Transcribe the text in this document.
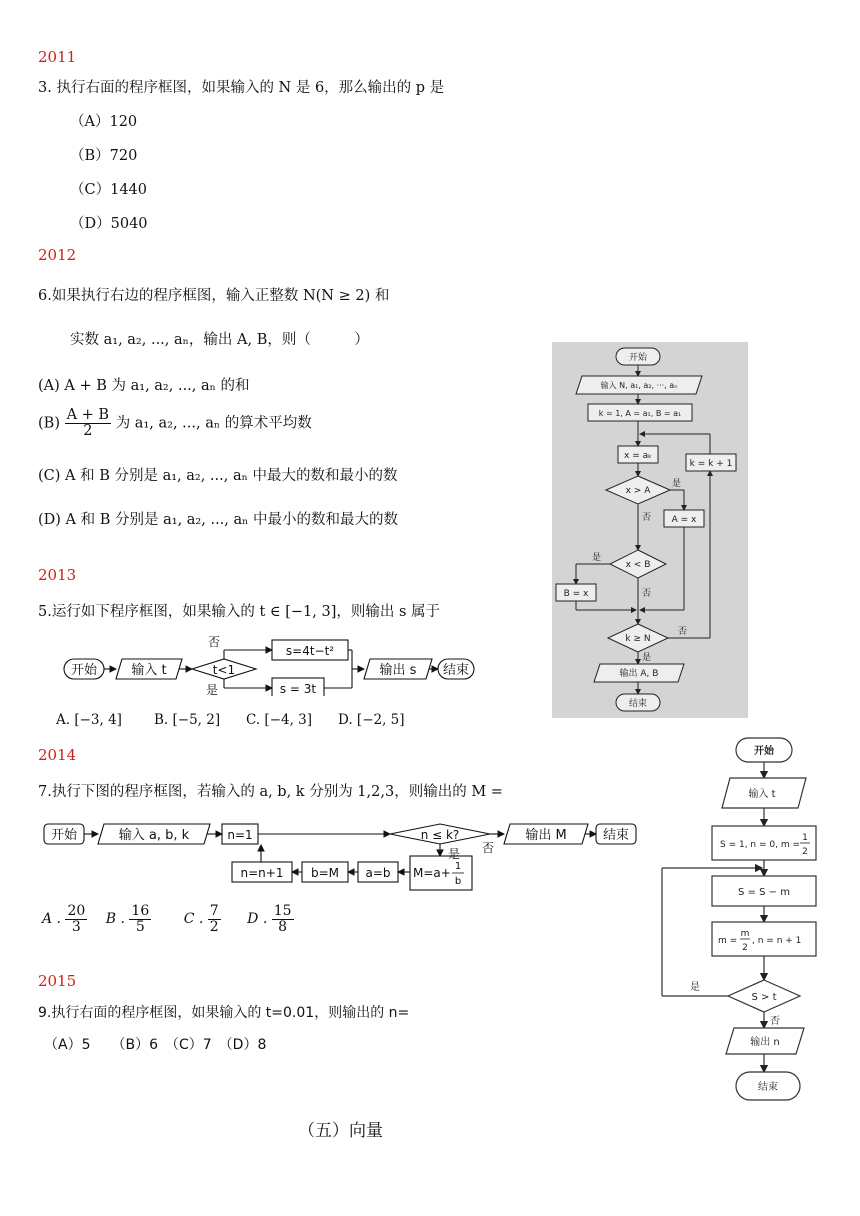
2011
3. 执行右面的程序框图，如果输入的 N 是 6，那么输出的 p 是
（A）120
（B）720
（C）1440
（D）5040
2012
6.如果执行右边的程序框图，输入正整数 N(N ≥ 2) 和
实数 a₁, a₂, ..., aₙ，输出 A, B，则（　　　）
(A) A + B 为 a₁, a₂, ..., aₙ 的和
$(B) \frac{A + B}{2}$ 为 a₁, a₂, ..., aₙ 的算术平均数
(C) A 和 B 分别是 a₁, a₂, ..., aₙ 中最大的数和最小的数
(D) A 和 B 分别是 a₁, a₂, ..., aₙ 中最小的数和最大的数
开始
输入 N, a₁, a₂, ···, aₙ
k = 1, A = a₁, B = a₁
x = aₖ
x > A
A = x
x < B
B = x
k ≥ N
k = k + 1
输出 A, B
结束
是
否
是
否
否
是
2013
5.运行如下程序框图，如果输入的 t ∈ [−1, 3]，则输出 s 属于
开始	输入 t	t<1
否
是
s=4t−t²
s = 3t
输出 s 结束
A. [−3, 4] B. [−5, 2] C. [−4, 3] D. [−2, 5]
2014
7.执行下图的程序框图，若输入的 a, b, k 分别为 1,2,3，则输出的 M =
开始	输入 a, b, k	n=1	n ≤ k?
是 否
输出 M	结束
M=a+ 1
b
a=b
b=M
n=n+1
A . $\frac{20}{3}$ B . $\frac{16}{5}$ C . $\frac{7}{2}$ D . $\frac{15}{8}$
2015
9.执行右面的程序框图，如果输入的 t=0.01，则输出的 n=
（A）5　　（B）6　（C）7　（D）8
开始
输入 t
S = 1, n = 0, m =
1
2
S = S − m
m =
m
2
, n = n + 1
S > t
是
否
输出 n
结束
（五）向量
